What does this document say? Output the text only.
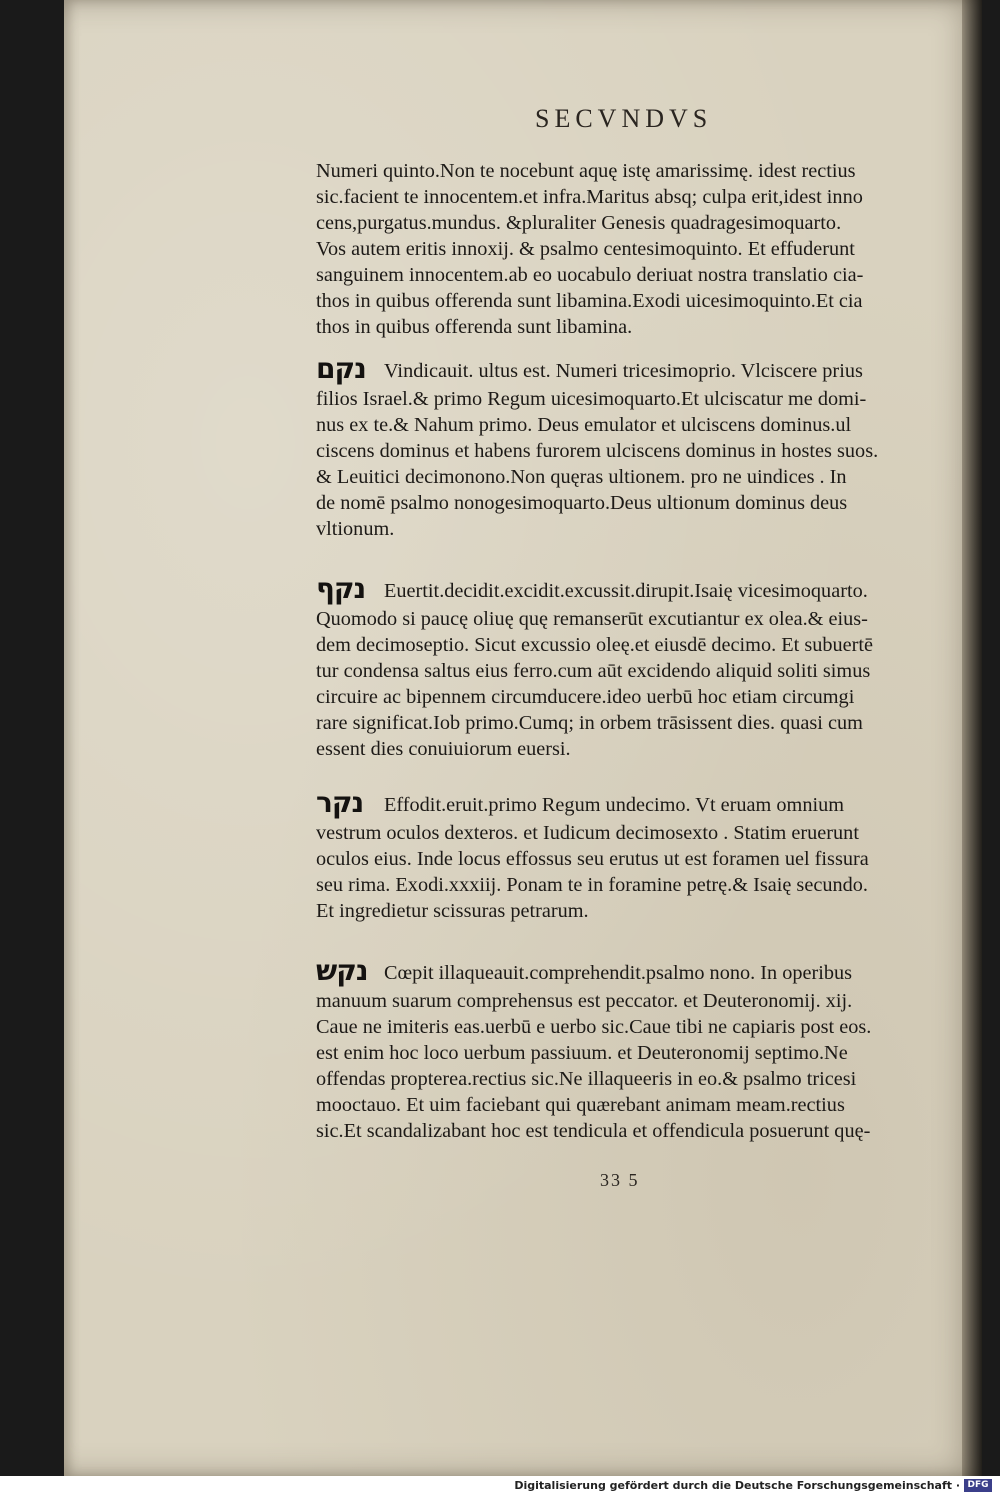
SECVNDVS
Numeri quinto.Non te nocebunt aquę istę amarissimę. idest rectius
sic.facient te innocentem.et infra.Maritus absq; culpa erit,idest inno
cens,purgatus.mundus. &pluraliter Genesis quadragesimoquarto.
Vos autem eritis innoxij. & psalmo centesimoquinto. Et effuderunt
sanguinem innocentem.ab eo uocabulo deriuat nostra translatio cia-
thos in quibus offerenda sunt libamina.Exodi uicesimoquinto.Et cia
thos in quibus offerenda sunt libamina.
נקם Vindicauit. ultus est. Numeri tricesimoprio. Vlciscere prius
filios Israel.& primo Regum uicesimoquarto.Et ulciscatur me domi-
nus ex te.& Nahum primo. Deus emulator et ulciscens dominus.ul
ciscens dominus et habens furorem ulciscens dominus in hostes suos.
& Leuitici decimonono.Non quęras ultionem. pro ne uindices . In
de nomē psalmo nonogesimoquarto.Deus ultionum dominus deus
vltionum.
נקף Euertit.decidit.excidit.excussit.dirupit.Isaię vicesimoquarto.
Quomodo si paucę oliuę quę remanserūt excutiantur ex olea.& eius-
dem decimoseptio. Sicut excussio oleę.et eiusdē decimo. Et subuertē
tur condensa saltus eius ferro.cum aūt excidendo aliquid soliti simus
circuire ac bipennem circumducere.ideo uerbū hoc etiam circumgi
rare significat.Iob primo.Cumq; in orbem trāsissent dies. quasi cum
essent dies conuiuiorum euersi.
נקר Effodit.eruit.primo Regum undecimo. Vt eruam omnium
vestrum oculos dexteros. et Iudicum decimosexto . Statim eruerunt
oculos eius. Inde locus effossus seu erutus ut est foramen uel fissura
seu rima. Exodi.xxxiij. Ponam te in foramine petrę.& Isaię secundo.
Et ingredietur scissuras petrarum.
נקש Cœpit illaqueauit.comprehendit.psalmo nono. In operibus
manuum suarum comprehensus est peccator. et Deuteronomij. xij.
Caue ne imiteris eas.uerbū e uerbo sic.Caue tibi ne capiaris post eos.
est enim hoc loco uerbum passiuum. et Deuteronomij septimo.Ne
offendas propterea.rectius sic.Ne illaqueeris in eo.& psalmo tricesi
mooctauo. Et uim faciebant qui quærebant animam meam.rectius
sic.Et scandalizabant hoc est tendicula et offendicula posuerunt quę-
33 5
Digitalisierung gefördert durch die Deutsche Forschungsgemeinschaft · DFG
